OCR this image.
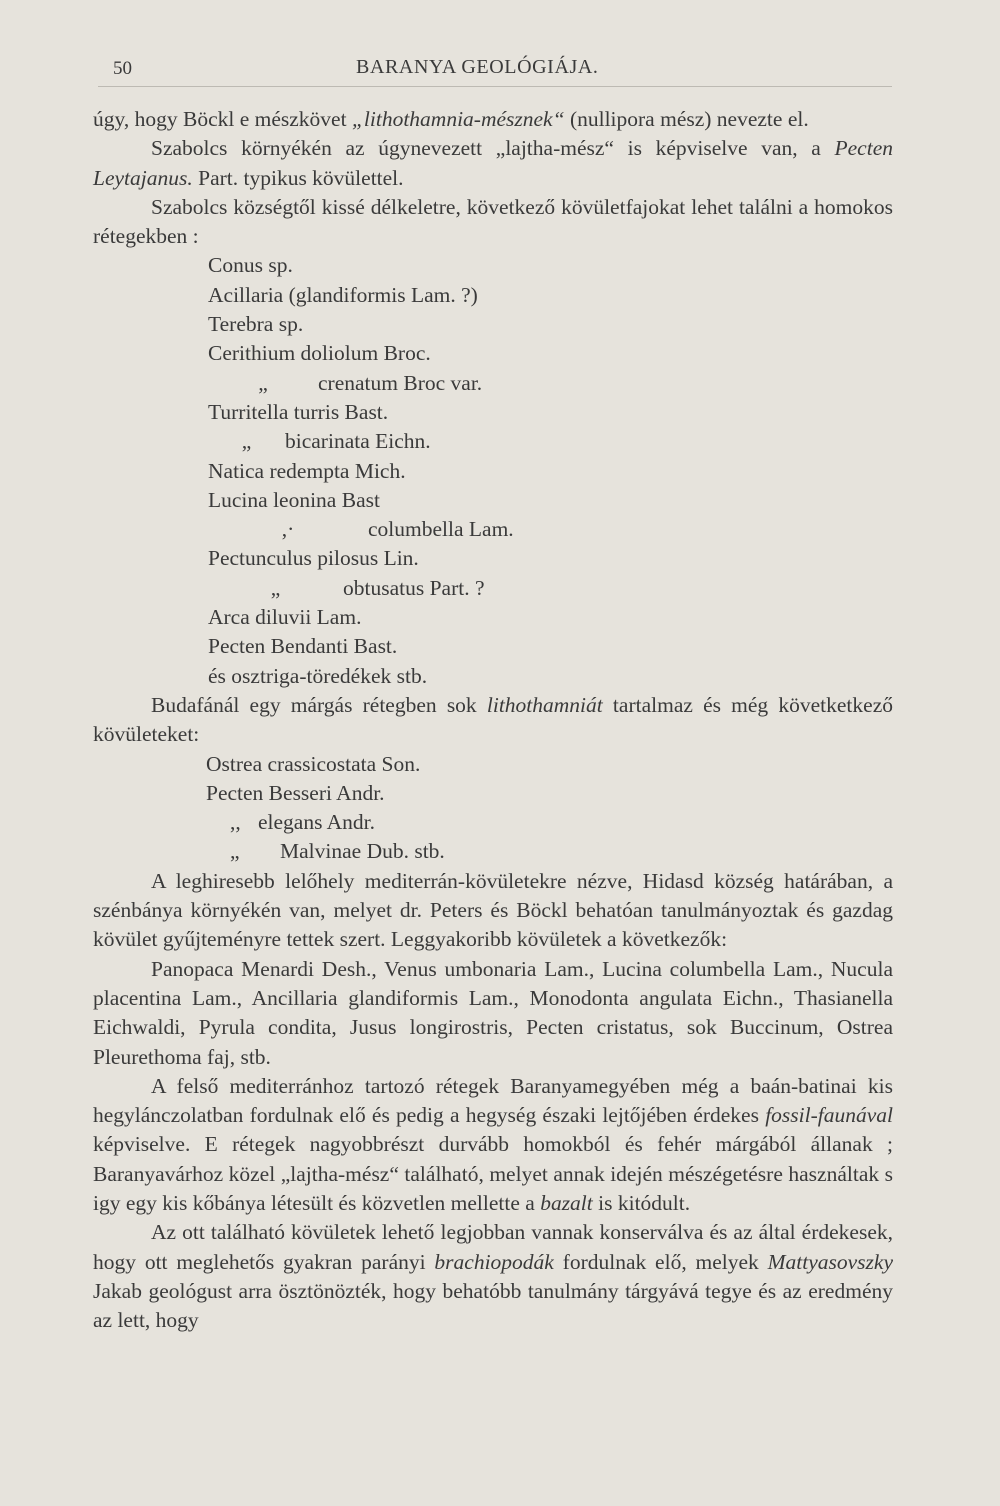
50	BARANYA GEOLÓGIÁJA.

úgy, hogy Böckl e mészkövet „lithothamnia-mésznek“ (nullipora mész) nevezte el.

Szabolcs környékén az úgynevezett „lajtha-mész“ is képviselve van, a Pecten Leytajanus. Part. typikus kövülettel.

Szabolcs községtől kissé délkeletre, következő kövületfajokat lehet találni a homokos rétegekben :

Conus sp.
Acillaria (glandiformis Lam. ?)
Terebra sp.
Cerithium doliolum Broc.
„ crenatum Broc var.
Turritella turris Bast.
„ bicarinata Eichn.
Natica redempta Mich.
Lucina leonina Bast
,·	columbella Lam.
Pectunculus pilosus Lin.
„	obtusatus Part. ?
Arca diluvii Lam.
Pecten Bendanti Bast.
és osztriga-töredékek stb.

Budafánál egy márgás rétegben sok lithothamniát tartalmaz és még követketkező kövületeket:

Ostrea crassicostata Son.
Pecten Besseri Andr.
,, elegans Andr.
„ Malvinae Dub. stb.

A leghiresebb lelőhely mediterrán-kövületekre nézve, Hidasd község határában, a szénbánya környékén van, melyet dr. Peters és Böckl behatóan tanulmányoztak és gazdag kövület gyűjteményre tettek szert. Leggyakoribb kövületek a következők:

Panopaca Menardi Desh., Venus umbonaria Lam., Lucina columbella Lam., Nucula placentina Lam., Ancillaria glandiformis Lam., Monodonta angulata Eichn., Thasianella Eichwaldi, Pyrula condita, Jusus longirostris, Pecten cristatus, sok Buccinum, Ostrea Pleurethoma faj, stb.

A felső mediterránhoz tartozó rétegek Baranyamegyében még a baán-batinai kis hegylánczolatban fordulnak elő és pedig a hegység északi lejtőjében érdekes fossil-faunával képviselve. E rétegek nagyobbrészt durvább homokból és fehér márgából állanak ; Baranyavárhoz közel „lajtha-mész“ található, melyet annak idején mészégetésre használtak s igy egy kis kőbánya létesült és közvetlen mellette a bazalt is kitódult.

Az ott található kövületek lehető legjobban vannak konserválva és az által érdekesek, hogy ott meglehetős gyakran parányi brachiopodák fordulnak elő, melyek Mattyasovszky Jakab geológust arra ösztönözték, hogy behatóbb tanulmány tárgyává tegye és az eredmény az lett, hogy
